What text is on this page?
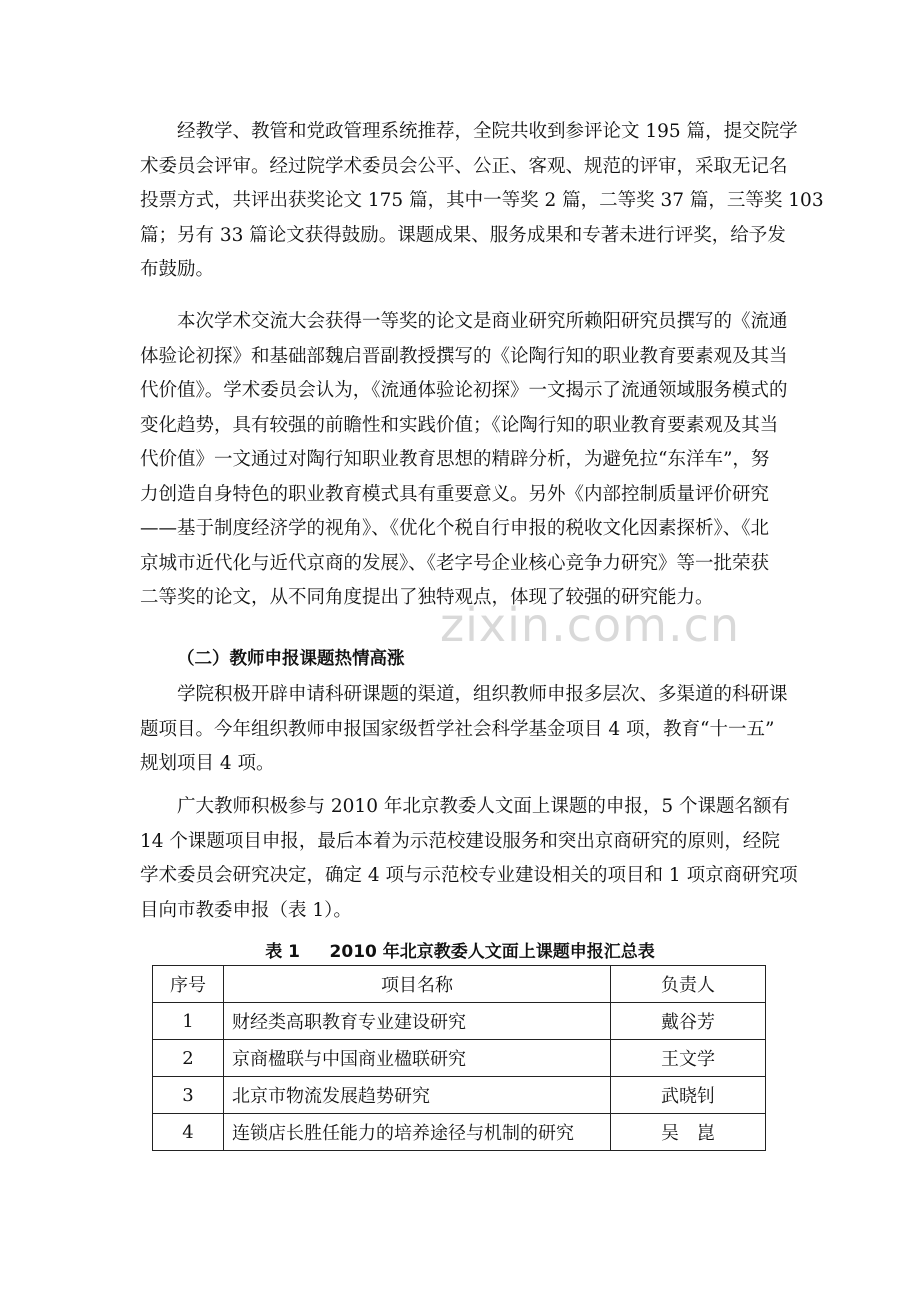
zixin.com.cn

经教学、教管和党政管理系统推荐，全院共收到参评论文 195 篇，提交院学
术委员会评审。经过院学术委员会公平、公正、客观、规范的评审，采取无记名
投票方式，共评出获奖论文 175 篇，其中一等奖 2 篇，二等奖 37 篇，三等奖 103
篇；另有 33 篇论文获得鼓励。课题成果、服务成果和专著未进行评奖，给予发
布鼓励。

本次学术交流大会获得一等奖的论文是商业研究所赖阳研究员撰写的《流通
体验论初探》和基础部魏启晋副教授撰写的《论陶行知的职业教育要素观及其当
代价值》。学术委员会认为，《流通体验论初探》一文揭示了流通领域服务模式的
变化趋势，具有较强的前瞻性和实践价值；《论陶行知的职业教育要素观及其当
代价值》一文通过对陶行知职业教育思想的精辟分析，为避免拉“东洋车”，努
力创造自身特色的职业教育模式具有重要意义。另外《内部控制质量评价研究
——基于制度经济学的视角》、《优化个税自行申报的税收文化因素探析》、《北
京城市近代化与近代京商的发展》、《老字号企业核心竞争力研究》等一批荣获
二等奖的论文，从不同角度提出了独特观点，体现了较强的研究能力。

（二）教师申报课题热情高涨

学院积极开辟申请科研课题的渠道，组织教师申报多层次、多渠道的科研课
题项目。今年组织教师申报国家级哲学社会科学基金项目 4 项，教育“十一五”
规划项目 4 项。

广大教师积极参与 2010 年北京教委人文面上课题的申报，5 个课题名额有
14 个课题项目申报，最后本着为示范校建设服务和突出京商研究的原则，经院
学术委员会研究决定，确定 4 项与示范校专业建设相关的项目和 1 项京商研究项
目向市教委申报（表 1）。

表 1     2010 年北京教委人文面上课题申报汇总表

序号	项目名称	负责人
1	财经类高职教育专业建设研究	戴谷芳
2	京商楹联与中国商业楹联研究	王文学
3	北京市物流发展趋势研究	武晓钊
4	连锁店长胜任能力的培养途径与机制的研究	吴　崑
